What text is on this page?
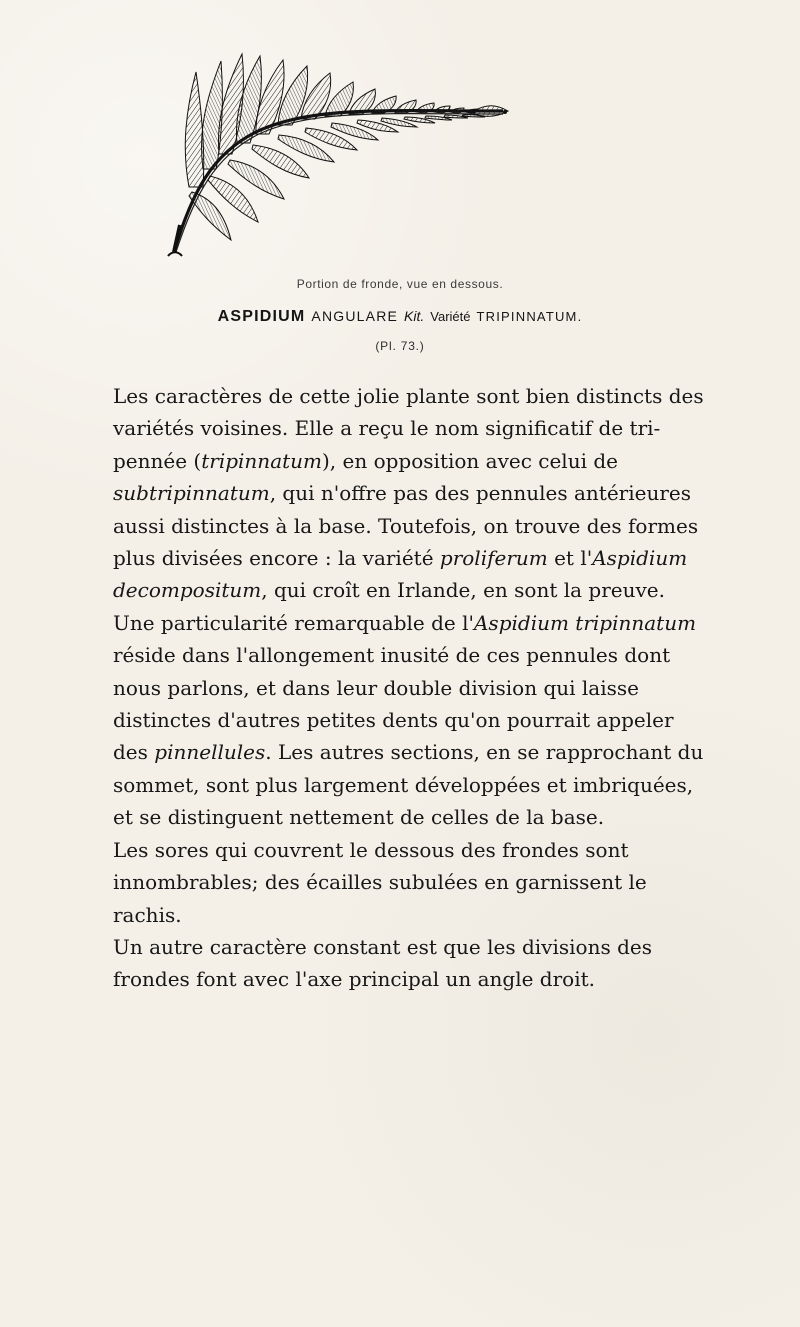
Portion de fronde, vue en dessous.
ASPIDIUM ANGULARE Kit. Variété TRIPINNATUM.
(Pl. 73.)

Les caractères de cette jolie plante sont bien distincts des variétés voisines. Elle a reçu le nom significatif de tri-pennée (tripinnatum), en opposition avec celui de subtripinnatum, qui n'offre pas des pennules antérieures aussi distinctes à la base. Toutefois, on trouve des formes plus divisées encore : la variété proliferum et l'Aspidium decompositum, qui croît en Irlande, en sont la preuve.

Une particularité remarquable de l'Aspidium tripinnatum réside dans l'allongement inusité de ces pennules dont nous parlons, et dans leur double division qui laisse distinctes d'autres petites dents qu'on pourrait appeler des pinnellules. Les autres sections, en se rapprochant du sommet, sont plus largement développées et imbriquées, et se distinguent nettement de celles de la base.

Les sores qui couvrent le dessous des frondes sont innombrables; des écailles subulées en garnissent le rachis.

Un autre caractère constant est que les divisions des frondes font avec l'axe principal un angle droit.
